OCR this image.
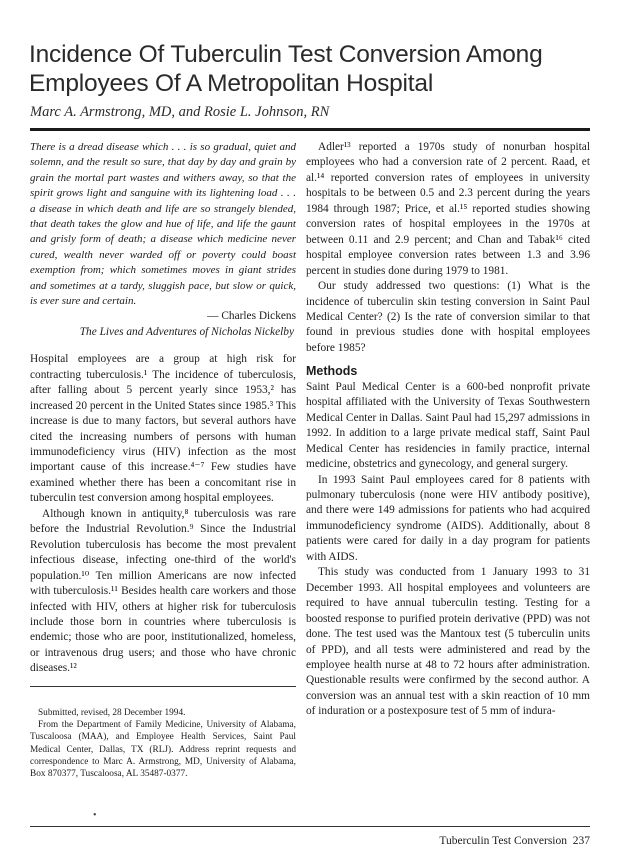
Incidence Of Tuberculin Test Conversion Among Employees Of A Metropolitan Hospital
Marc A. Armstrong, MD, and Rosie L. Johnson, RN

There is a dread disease which . . . is so gradual, quiet and solemn, and the result so sure, that day by day and grain by grain the mortal part wastes and withers away, so that the spirit grows light and sanguine with its lightening load . . . a disease in which death and life are so strangely blended, that death takes the glow and hue of life, and life the gaunt and grisly form of death; a disease which medicine never cured, wealth never warded off or poverty could boast exemption from; which sometimes moves in giant strides and sometimes at a tardy, sluggish pace, but slow or quick, is ever sure and certain.

— Charles Dickens

The Lives and Adventures of Nicholas Nickelby

Hospital employees are a group at high risk for contracting tuberculosis.¹ The incidence of tuberculosis, after falling about 5 percent yearly since 1953,² has increased 20 percent in the United States since 1985.³ This increase is due to many factors, but several authors have cited the increasing numbers of persons with human immunodeficiency virus (HIV) infection as the most important cause of this increase.⁴⁻⁷ Few studies have examined whether there has been a concomitant rise in tuberculin test conversion among hospital employees.

Although known in antiquity,⁸ tuberculosis was rare before the Industrial Revolution.⁹ Since the Industrial Revolution tuberculosis has become the most prevalent infectious disease, infecting one-third of the world's population.¹⁰ Ten million Americans are now infected with tuberculosis.¹¹ Besides health care workers and those infected with HIV, others at higher risk for tuberculosis include those born in countries where tuberculosis is endemic; those who are poor, institutionalized, homeless, or intravenous drug users; and those who have chronic diseases.¹²

Adler¹³ reported a 1970s study of nonurban hospital employees who had a conversion rate of 2 percent. Raad, et al.¹⁴ reported conversion rates of employees in university hospitals to be between 0.5 and 2.3 percent during the years 1984 through 1987; Price, et al.¹⁵ reported studies showing conversion rates of hospital employees in the 1970s at between 0.11 and 2.9 percent; and Chan and Tabak¹⁶ cited hospital employee conversion rates between 1.3 and 3.96 percent in studies done during 1979 to 1981.

Our study addressed two questions: (1) What is the incidence of tuberculin skin testing conversion in Saint Paul Medical Center? (2) Is the rate of conversion similar to that found in previous studies done with hospital employees before 1985?

Methods

Saint Paul Medical Center is a 600-bed nonprofit private hospital affiliated with the University of Texas Southwestern Medical Center in Dallas. Saint Paul had 15,297 admissions in 1992. In addition to a large private medical staff, Saint Paul Medical Center has residencies in family practice, internal medicine, obstetrics and gynecology, and general surgery.

In 1993 Saint Paul employees cared for 8 patients with pulmonary tuberculosis (none were HIV antibody positive), and there were 149 admissions for patients who had acquired immunodeficiency syndrome (AIDS). Additionally, about 8 patients were cared for daily in a day program for patients with AIDS.

This study was conducted from 1 January 1993 to 31 December 1993. All hospital employees and volunteers are required to have annual tuberculin testing. Testing for a boosted response to purified protein derivative (PPD) was not done. The test used was the Mantoux test (5 tuberculin units of PPD), and all tests were administered and read by the employee health nurse at 48 to 72 hours after administration. Questionable results were confirmed by the second author. A conversion was an annual test with a skin reaction of 10 mm of induration or a postexposure test of 5 mm of indura-

Submitted, revised, 28 December 1994.

From the Department of Family Medicine, University of Alabama, Tuscaloosa (MAA), and Employee Health Services, Saint Paul Medical Center, Dallas, TX (RLJ). Address reprint requests and correspondence to Marc A. Armstrong, MD, University of Alabama, Box 870377, Tuscaloosa, AL 35487-0377.

•
Tuberculin Test Conversion 237
